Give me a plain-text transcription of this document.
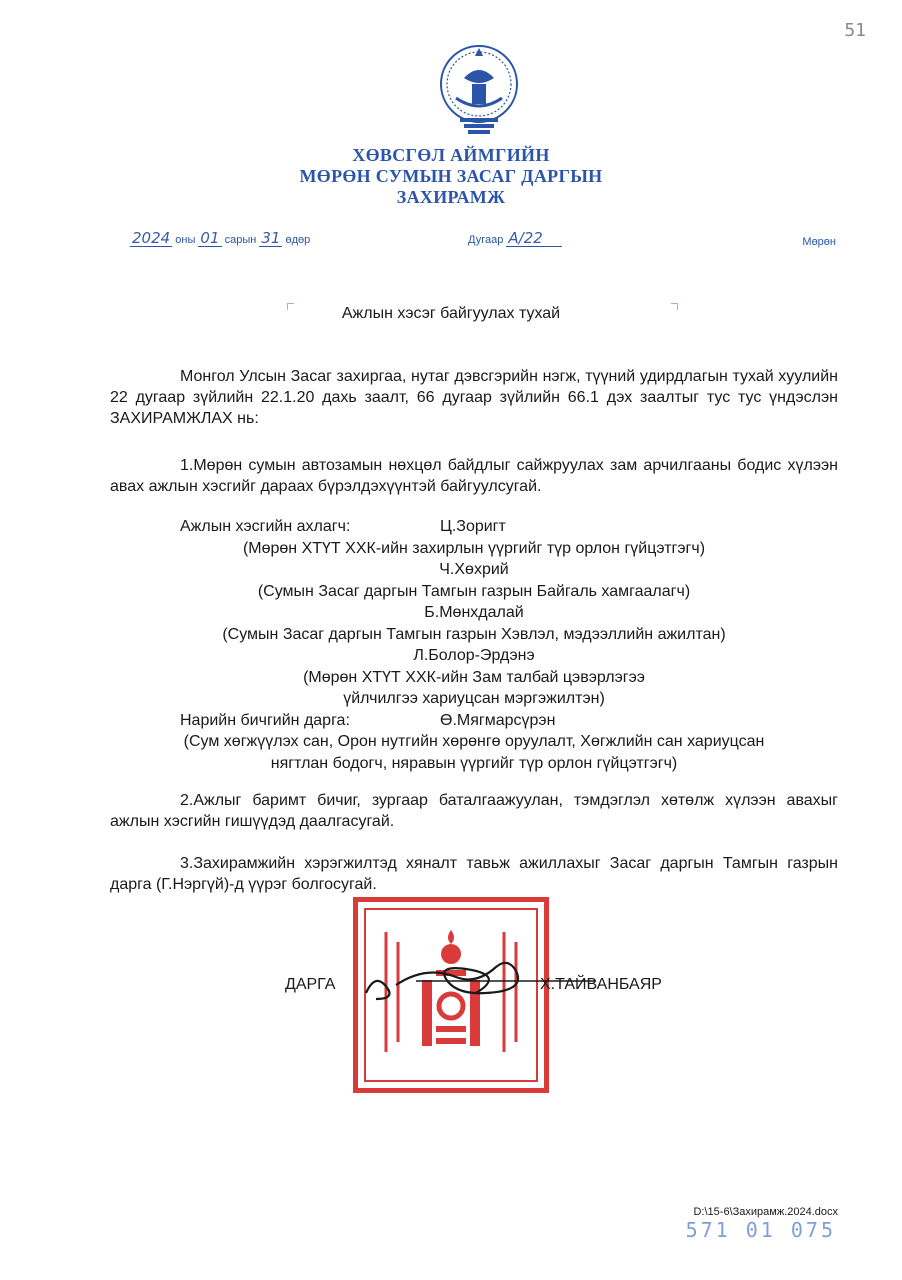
51
ХӨВСГӨЛ АЙМГИЙН
МӨРӨН СУМЫН ЗАСАГ ДАРГЫН
ЗАХИРАМЖ
2024 оны 01 сарын 31 өдөр	Дугаар А/22	Мөрөн
Ажлын хэсэг байгуулах тухай
Монгол Улсын Засаг захиргаа, нутаг дэвсгэрийн нэгж, түүний удирдлагын тухай хуулийн 22 дугаар зүйлийн 22.1.20 дахь заалт, 66 дугаар зүйлийн 66.1 дэх заалтыг тус тус үндэслэн ЗАХИРАМЖЛАХ нь:
1.Мөрөн сумын автозамын нөхцөл байдлыг сайжруулах зам арчилгааны бодис хүлээн авах ажлын хэсгийг дараах бүрэлдэхүүнтэй байгуулсугай.
Ажлын хэсгийн ахлагч:	Ц.Зоригт
(Мөрөн ХТҮТ ХХК-ийн захирлын үүргийг түр орлон гүйцэтгэгч)
Ч.Хөхрий
(Сумын Засаг даргын Тамгын газрын Байгаль хамгаалагч)
Б.Мөнхдалай
(Сумын Засаг даргын Тамгын газрын Хэвлэл, мэдээллийн ажилтан)
Л.Болор-Эрдэнэ
(Мөрөн ХТҮТ ХХК-ийн Зам талбай цэвэрлэгээ
үйлчилгээ хариуцсан мэргэжилтэн)
Нарийн бичгийн дарга:	Ө.Мягмарсүрэн
(Сум хөгжүүлэх сан, Орон нутгийн хөрөнгө оруулалт, Хөгжлийн сан хариуцсан
нягтлан бодогч, няравын үүргийг түр орлон гүйцэтгэгч)
2.Ажлыг баримт бичиг, зургаар баталгаажуулан, тэмдэглэл хөтөлж хүлээн авахыг ажлын хэсгийн гишүүдэд даалгасугай.
3.Захирамжийн хэрэгжилтэд хяналт тавьж ажиллахыг Засаг даргын Тамгын газрын дарга (Г.Нэргүй)-д үүрэг болгосугай.
ДАРГА	Х.ТАЙВАНБАЯР
D:\15-6\Захирамж.2024.docx
571 01 075
